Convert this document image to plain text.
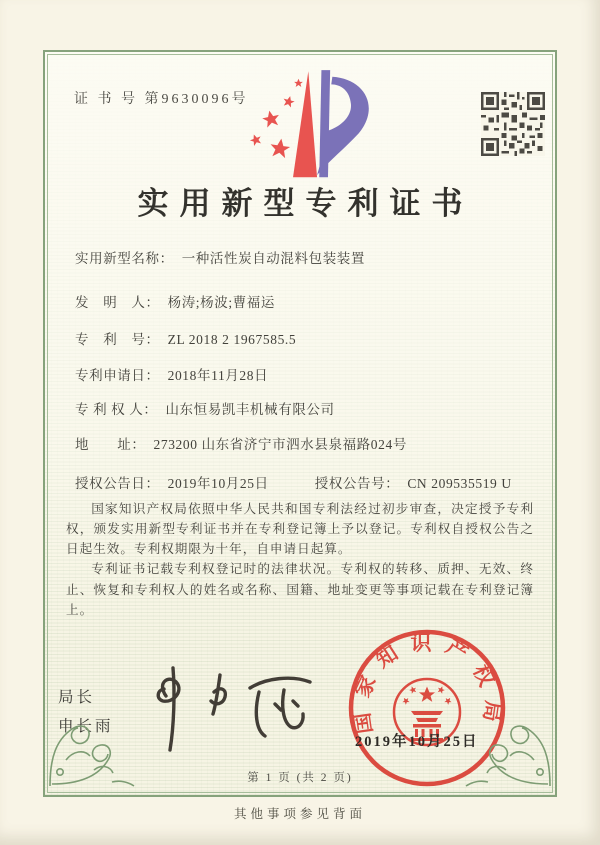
证 书 号 第9630096号
实用新型专利证书
实用新型名称： 一种活性炭自动混料包装装置
发　明　人： 杨涛;杨波;曹福运
专　利　号： ZL 2018 2 1967585.5
专利申请日： 2018年11月28日
专 利 权 人： 山东恒易凯丰机械有限公司
地　　址： 273200 山东省济宁市泗水县泉福路024号
授权公告日： 2019年10月25日	授权公告号： CN 209535519 U

国家知识产权局依照中华人民共和国专利法经过初步审查，决定授予专利权，颁发实用新型专利证书并在专利登记簿上予以登记。专利权自授权公告之日起生效。专利权期限为十年，自申请日起算。

专利证书记载专利权登记时的法律状况。专利权的转移、质押、无效、终止、恢复和专利权人的姓名或名称、国籍、地址变更等事项记载在专利登记簿上。

局长
申长雨	国家知识产权局
2019年10月25日
第 1 页 (共 2 页)
其他事项参见背面
